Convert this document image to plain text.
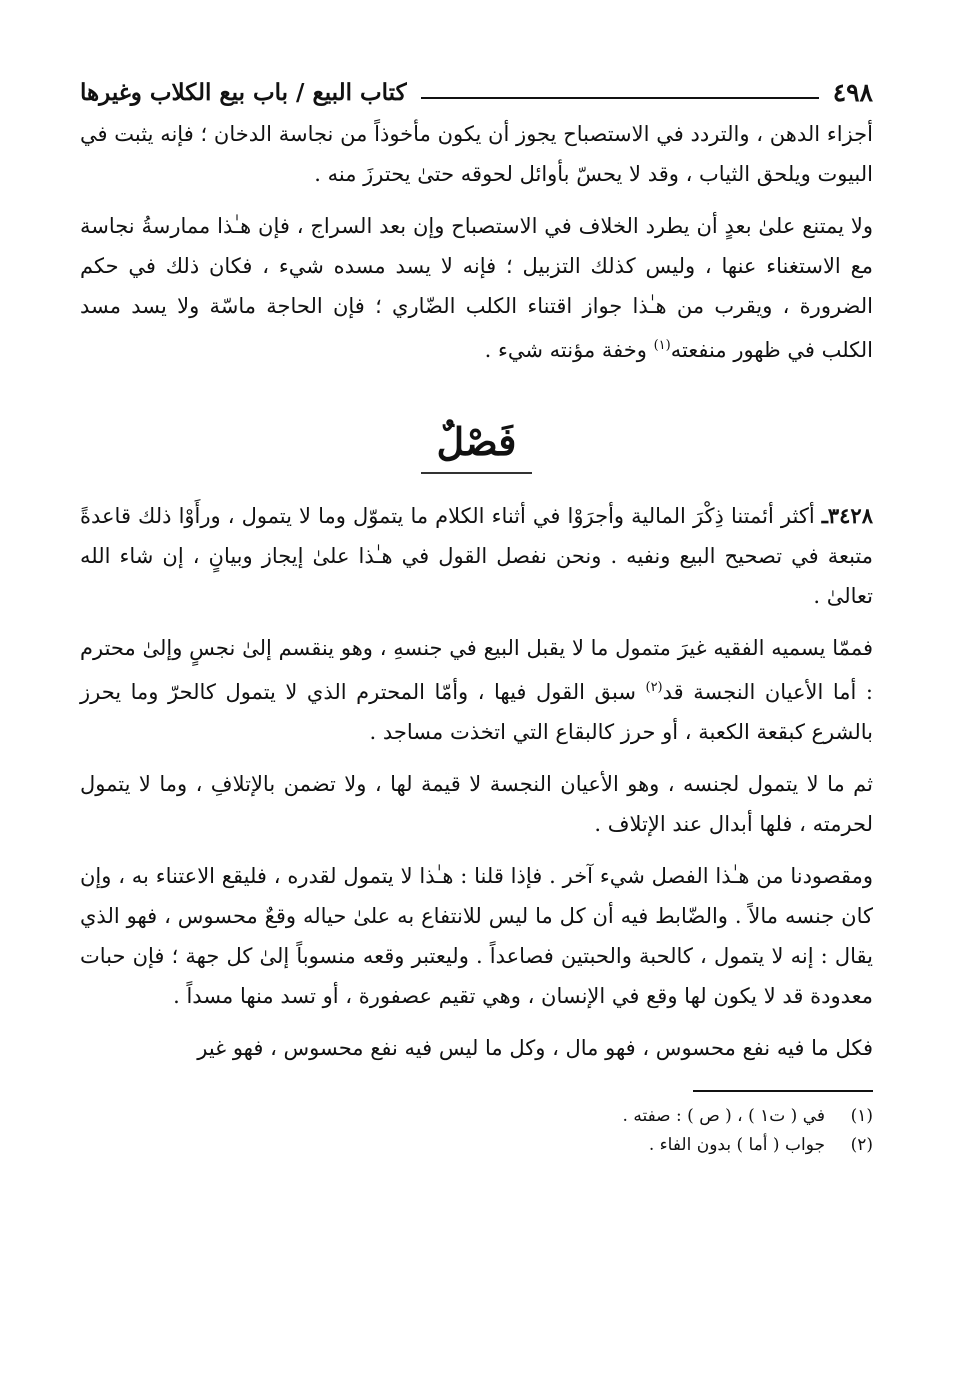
٤٩٨
كتاب البيع / باب بيع الكلاب وغيرها

أجزاء الدهن ، والتردد في الاستصباح يجوز أن يكون مأخوذاً من نجاسة الدخان ؛ فإنه يثبت في البيوت ويلحق الثياب ، وقد لا يحسّ بأوائل لحوقه حتىٰ يحترزَ منه .

ولا يمتنع علىٰ بعدٍ أن يطرد الخلاف في الاستصباح وإن بعد السراج ، فإن هـٰذا ممارسةُ نجاسة مع الاستغناء عنها ، وليس كذلك التزبيل ؛ فإنه لا يسد مسده شيء ، فكان ذلك في حكم الضرورة ، ويقرب من هـٰذا جواز اقتناء الكلب الضّاري ؛ فإن الحاجة ماسّة ولا يسد مسد الكلب في ظهور منفعته$^{(١)}$ وخفة مؤنته شيء .

فَصْلٌ

٣٤٢٨ـ أكثر أئمتنا ذِكْرَ المالية وأجرَوْا في أثناء الكلام ما يتموّل وما لا يتمول ، ورأَوْا ذلك قاعدةً متبعة في تصحيح البيع ونفيه . ونحن نفصل القول في هـٰذا علىٰ إيجاز وبيانٍ ، إن شاء الله تعالىٰ .

فممّا يسميه الفقيه غيرَ متمول ما لا يقبل البيع في جنسهِ ، وهو ينقسم إلىٰ نجسٍ وإلىٰ محترم : أما الأعيان النجسة قد$^{(٢)}$ سبق القول فيها ، وأمّا المحترم الذي لا يتمول كالحرّ وما يحرز بالشرع كبقعة الكعبة ، أو حرز كالبقاع التي اتخذت مساجد .

ثم ما لا يتمول لجنسه ، وهو الأعيان النجسة لا قيمة لها ، ولا تضمن بالإتلافِ ، وما لا يتمول لحرمته ، فلها أبدال عند الإتلاف .

ومقصودنا من هـٰذا الفصل شيء آخر . فإذا قلنا : هـٰذا لا يتمول لقدره ، فليقع الاعتناء به ، وإن كان جنسه مالاً . والضّابط فيه أن كل ما ليس للانتفاع به علىٰ حياله وقعٌ محسوس ، فهو الذي يقال : إنه لا يتمول ، كالحبة والحبتين فصاعداً . وليعتبر وقعه منسوباً إلىٰ كل جهة ؛ فإن حبات معدودة قد لا يكون لها وقع في الإنسان ، وهي تقيم عصفورة ، أو تسد منها مسداً .

فكل ما فيه نفع محسوس ، فهو مال ، وكل ما ليس فيه نفع محسوس ، فهو غير

(١)في ( ت١ ) ، ( ص ) : صفته .
(٢)جواب ( أما ) بدون الفاء .
